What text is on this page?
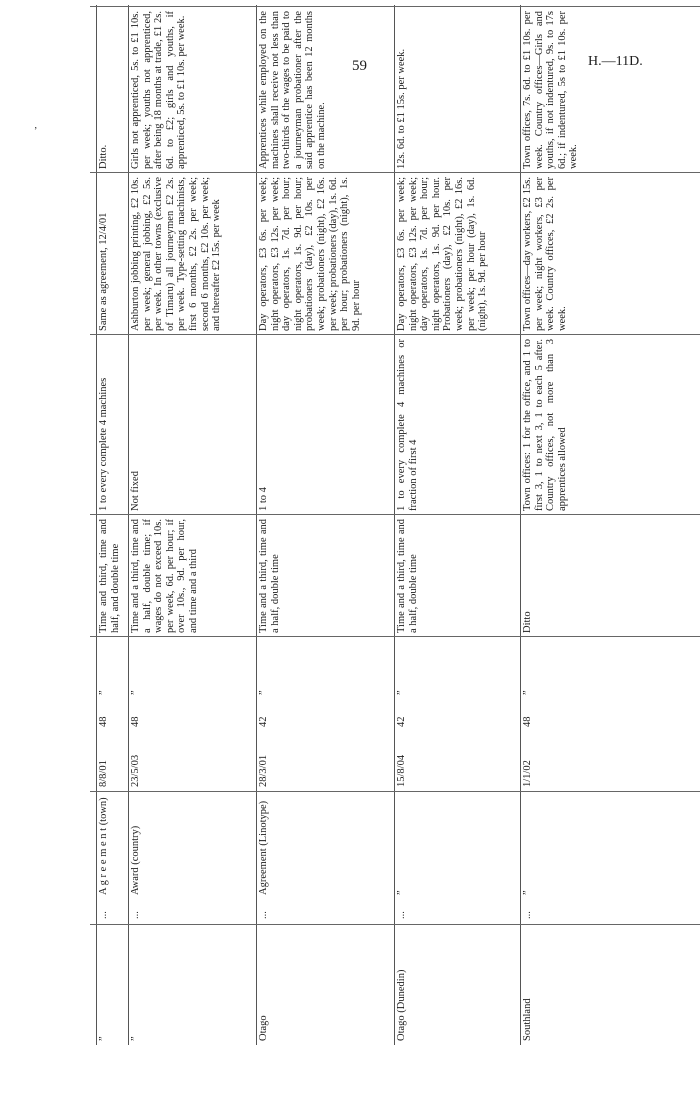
59	H.—11D.
’
”
...
A g r e e m e n t (town)
8/8/01
48
”
Time and third, time and half, and double time
1 to every complete 4 machines
Same as agreement, 12/4/01
Ditto.
”
...
Award (country)
23/5/03
48
”
Time and a third, time and a half, double time; if wages do not exceed 10s. per week, 6d. per hour; if over 10s., 9d. per hour, and time and a third
Not fixed
Ashburton jobbing printing, £2 10s. per week; general jobbing, £2 5s. per week. In other towns (exclusive of Timaru) all journeymen £2 2s. per week. Type-setting machinists, first 6 months, £2 2s. per week; second 6 months, £2 10s. per week; and thereafter £2 15s. per week
Girls not apprenticed, 5s. to £1 10s. per week; youths not apprenticed, after being 18 months at trade, £1 2s. 6d. to £2; girls and youths, if apprenticed, 5s. to £1 10s. per week.
Otago
...
Agreement (Linotype)
28/3/01
42
”
Time and a third, time and a half, double time
1 to 4
Day operators, £3 6s. per week; night operators, £3 12s. per week; day operators, 1s. 7d. per hour; night operators, 1s. 9d. per hour; probationers (day), £2 10s. per week; probationers (night), £2 16s. per week; probationers (day), 1s. 6d. per hour; probationers (night), 1s. 9d. per hour
Apprentices while employed on the machines shall receive not less than two-thirds of the wages to be paid to a journeyman probationer after the said apprentice has been 12 months on the machine.
Otago (Dunedin)
...
”
15/8/04
42
”
Time and a third, time and a half, double time
1 to every complete 4 machines or fraction of first 4
Day operators, £3 6s. per week; night operators, £3 12s. per week; day operators, 1s. 7d. per hour; night operators, 1s. 9d. per hour. Probationers (day), £2 10s. per week; probationers (night), £2 16s. per week; per hour (day), 1s. 6d. (night), 1s. 9d. per hour
12s. 6d. to £1 15s. per week.
Southland
...
”
1/1/02
48
”
Ditto
Town offices: 1 for the office, and 1 to first 3, 1 to next 3, 1 to each 5 after. Country offices, not more than 3 apprentices allowed
Town offices—day workers, £2 15s. per week; night workers, £3 per week. Country offices, £2 2s. per week.
Town offices, 7s. 6d. to £1 10s. per week. Country offices—Girls and youths, if not indentured, 9s. to 17s 6d.; if indentured, 5s to £1 10s. per week.
